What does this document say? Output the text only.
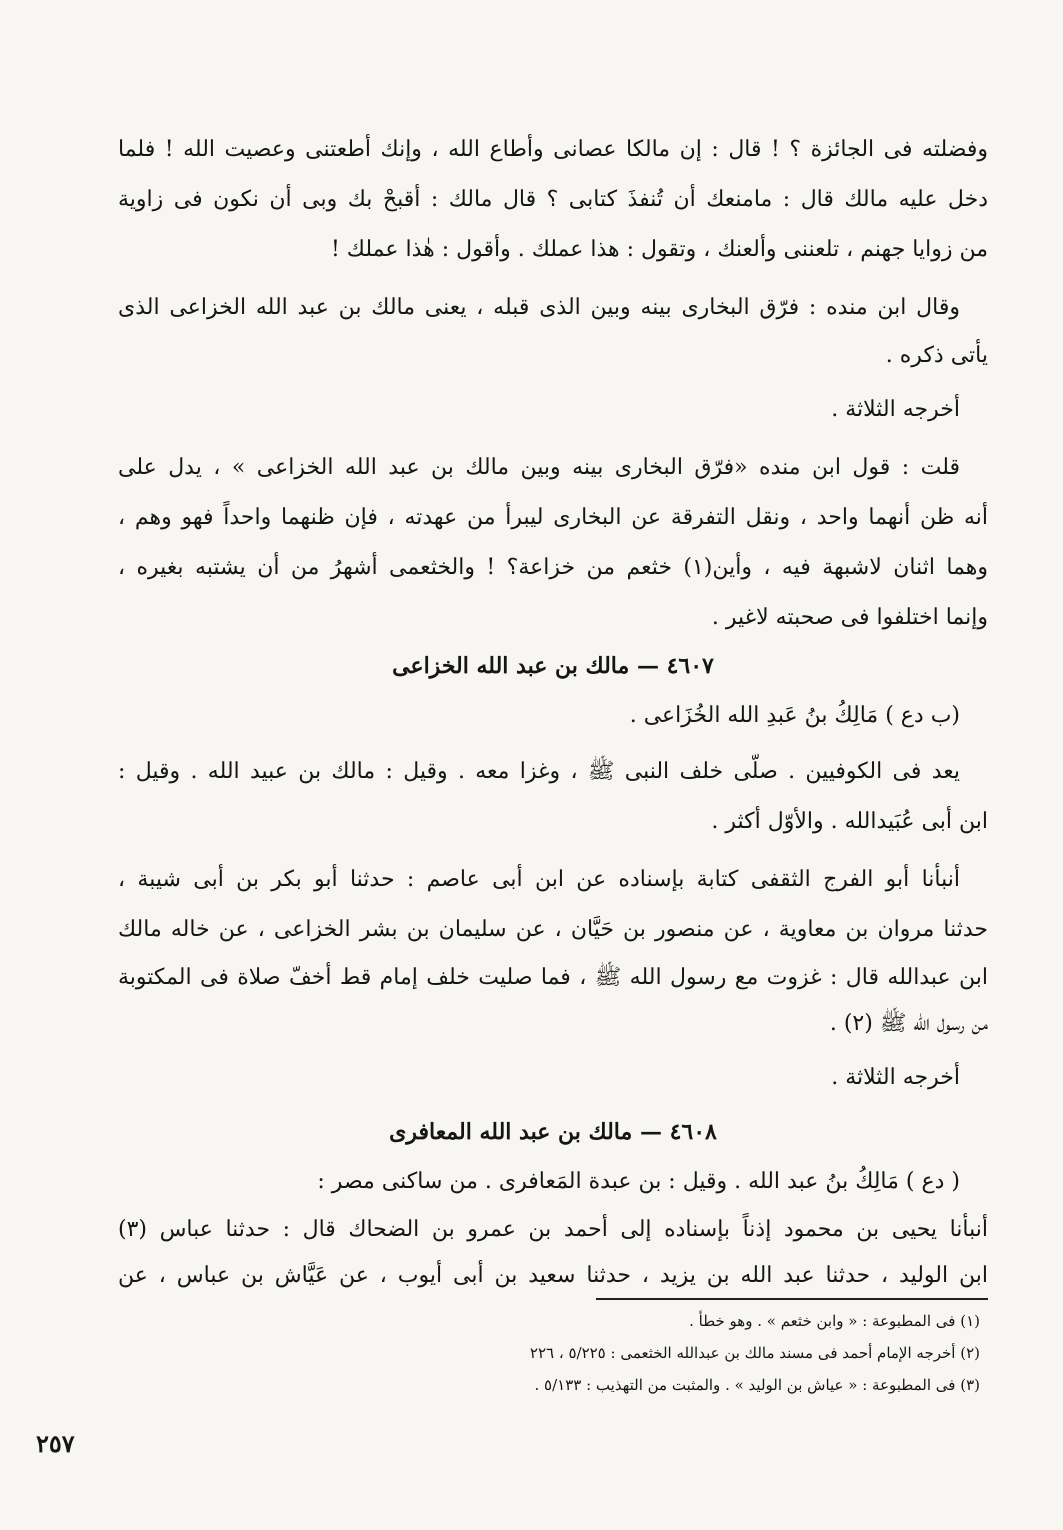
وفضلته فى الجائزة ؟ ! قال : إن مالكا عصانى وأطاع الله ، وإنك أطعتنى وعصيت الله ! فلما
دخل عليه مالك قال : مامنعك أن تُنفذَ كتابى ؟ قال مالك : أقبحْ بك وبى أن نكون فى زاوية
من زوايا جهنم ، تلعننى وألعنك ، وتقول : هذا عملك . وأقول : هٰذا عملك !
وقال ابن منده : فرّق البخارى بينه وبين الذى قبله ، يعنى مالك بن عبد الله الخزاعى الذى
يأتى ذكره .
أخرجه الثلاثة .
قلت : قول ابن منده «فرّق البخارى بينه وبين مالك بن عبد الله الخزاعى » ، يدل على
أنه ظن أنهما واحد ، ونقل التفرقة عن البخارى ليبرأ من عهدته ، فإن ظنهما واحداً فهو وهم ،
وهما اثنان لاشبهة فيه ، وأين(١) خثعم من خزاعة؟ ! والخثعمى أشهرُ من أن يشتبه بغيره ،
وإنما اختلفوا فى صحبته لاغير .
٤٦٠٧ — مالك بن عبد الله الخزاعى
(ب دع ) مَالِكُ بنُ عَبدِ الله الخُزَاعى .
يعد فى الكوفيين . صلّى خلف النبى ﷺ ، وغزا معه . وقيل : مالك بن عبيد الله . وقيل :
ابن أبى عُبَيدالله . والأوّل أكثر .
أنبأنا أبو الفرج الثقفى كتابة بإسناده عن ابن أبى عاصم : حدثنا أبو بكر بن أبى شيبة ،
حدثنا مروان بن معاوية ، عن منصور بن حَيَّان ، عن سليمان بن بشر الخزاعى ، عن خاله مالك
ابن عبدالله قال : غزوت مع رسول الله ﷺ ، فما صليت خلف إمام قط أخفّ صلاة فى المكتوبة
من رسول الله ﷺ (٢) .
أخرجه الثلاثة .
٤٦٠٨ — مالك بن عبد الله المعافرى
( دع ) مَالِكُ بنُ عبد الله . وقيل : بن عبدة المَعافرى . من ساكنى مصر :
أنبأنا يحيى بن محمود إذناً بإسناده إلى أحمد بن عمرو بن الضحاك قال : حدثنا عباس (٣)
ابن الوليد ، حدثنا عبد الله بن يزيد ، حدثنا سعيد بن أبى أيوب ، عن عَيَّاش بن عباس ، عن
(١) فى المطبوعة : « وابن خثعم » . وهو خطأ .
(٢) أخرجه الإمام أحمد فى مسند مالك بن عبدالله الخثعمى : ٥/٢٢٥ ، ٢٢٦
(٣) فى المطبوعة : « عياش بن الوليد » . والمثبت من التهذيب : ٥/١٣٣ .
٢٥٧
